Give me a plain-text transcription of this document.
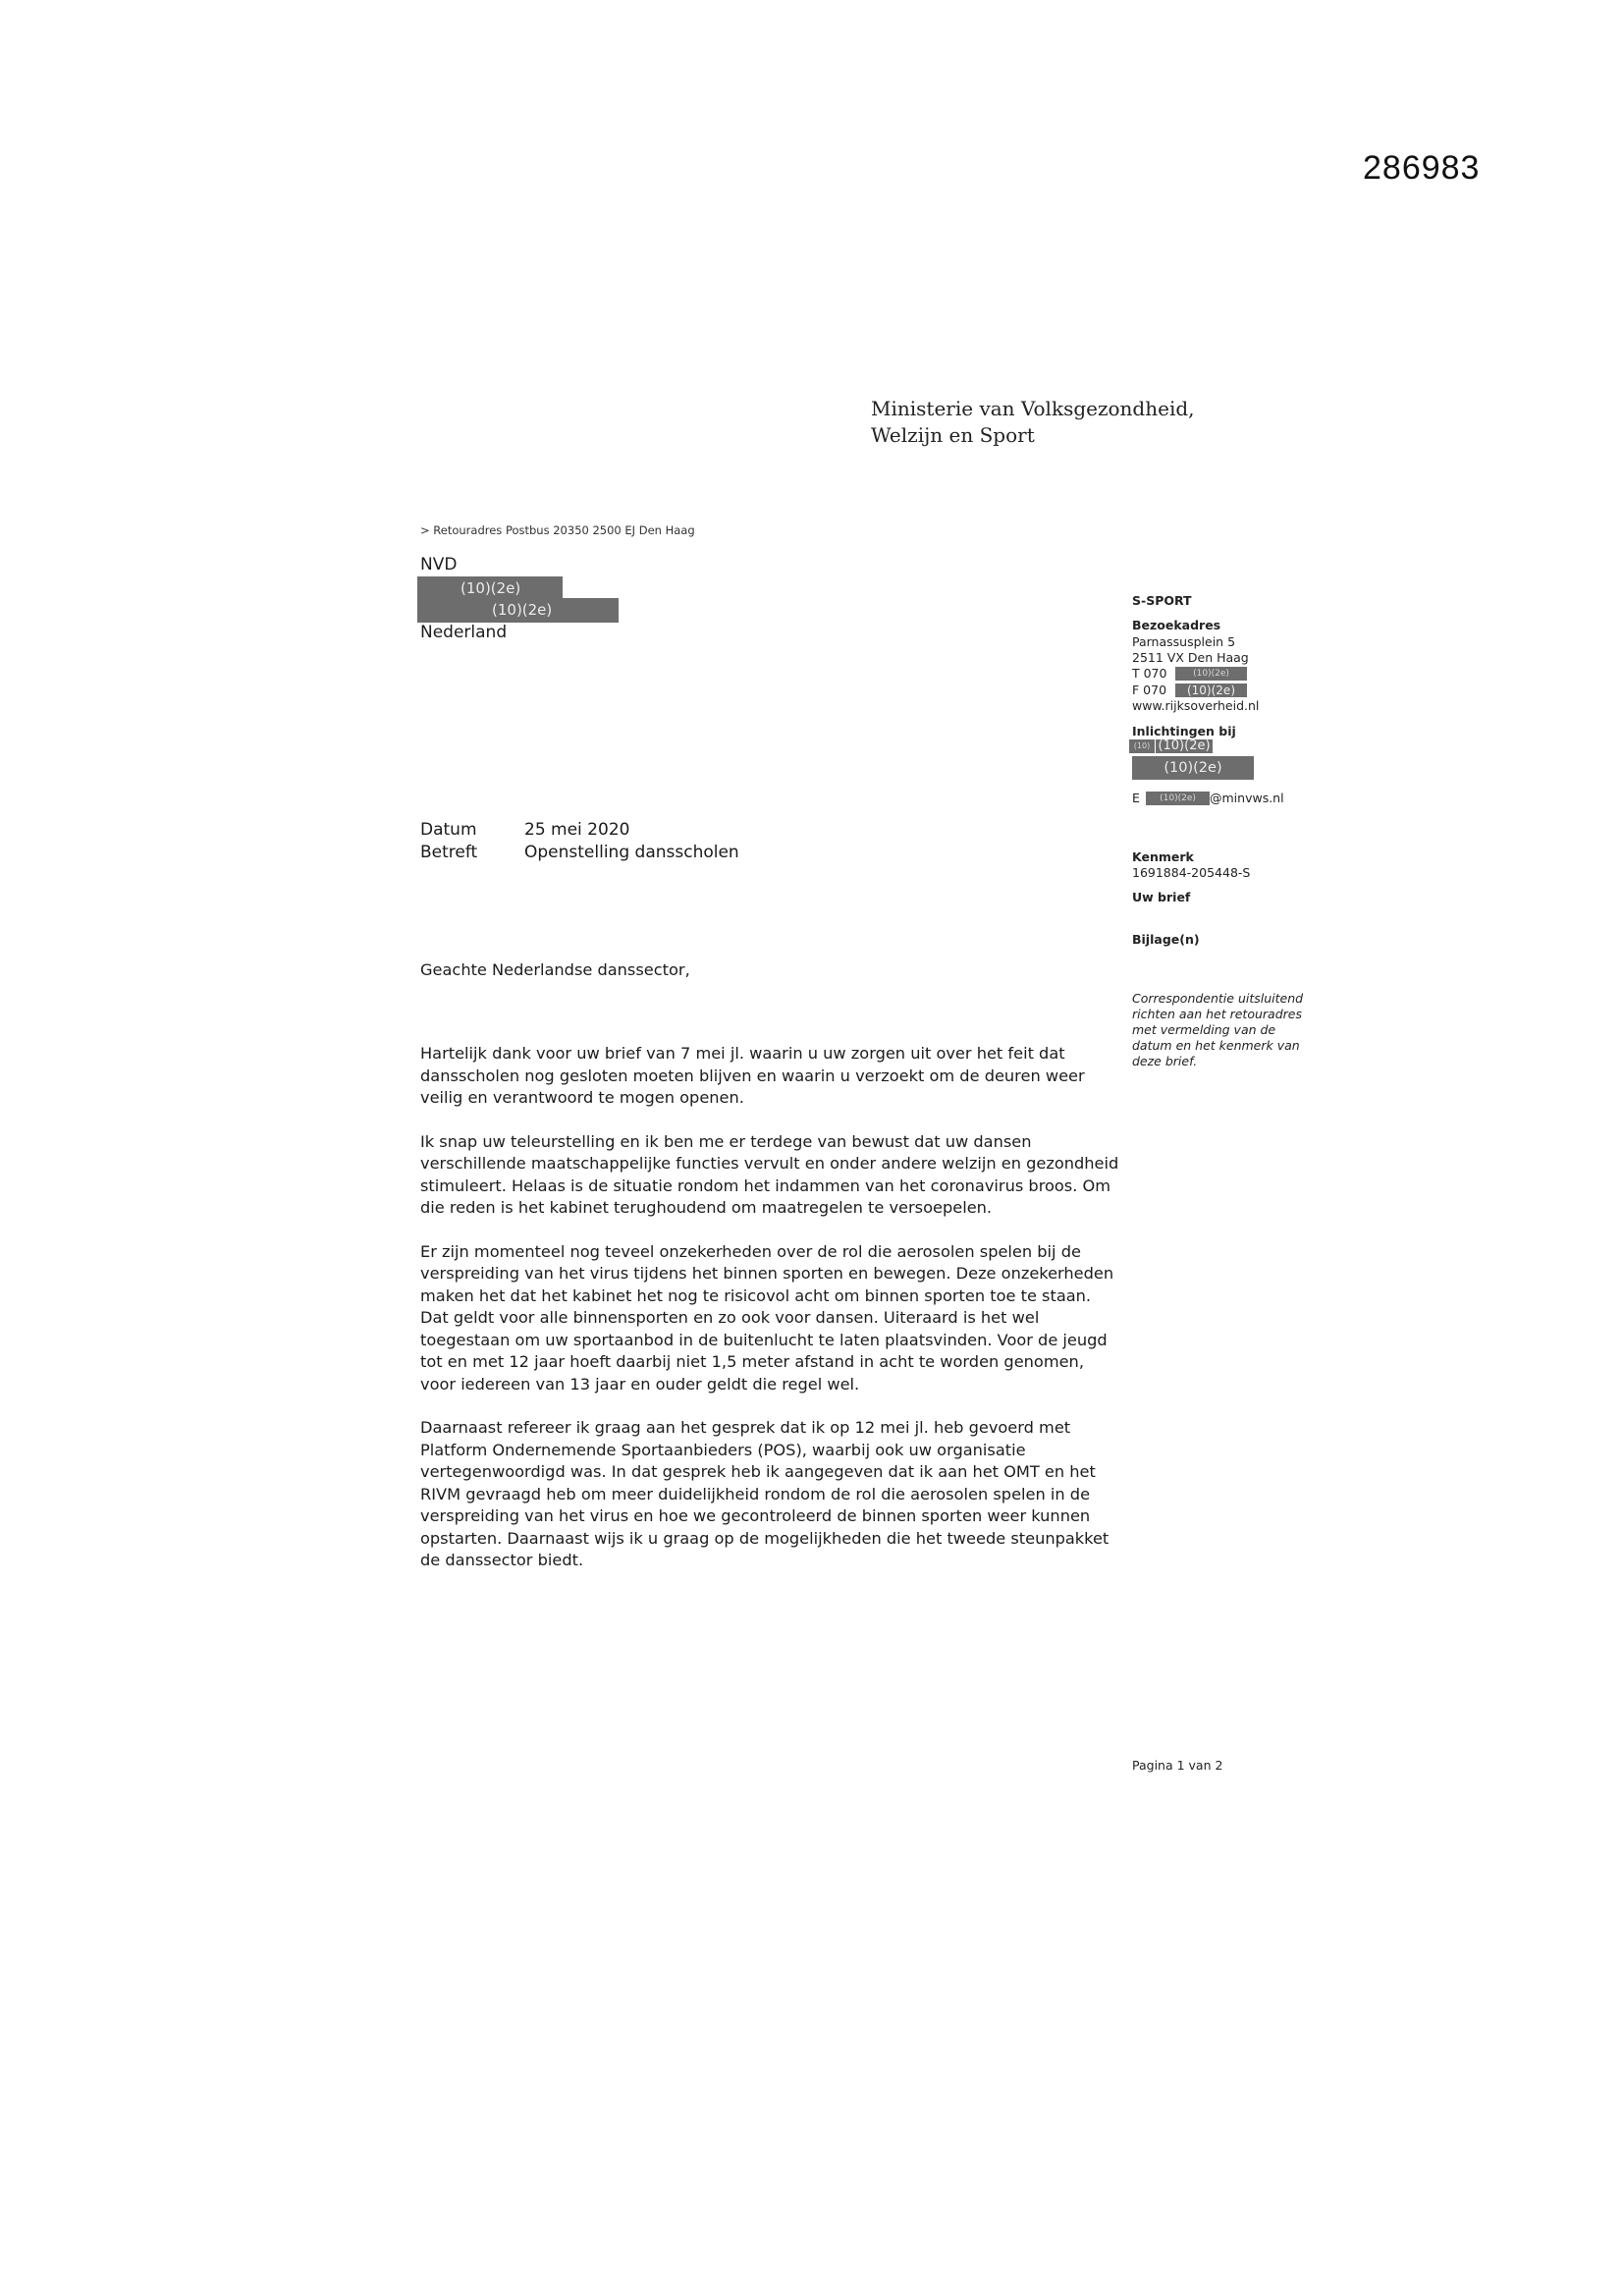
286983
Ministerie van Volksgezondheid,
Welzijn en Sport
> Retouradres Postbus 20350 2500 EJ Den Haag
NVD
(10)(2e)
(10)(2e)
Nederland
S-SPORT
Bezoekadres
Parnassusplein 5
2511 VX Den Haag
T 070	(10)(2e)
F 070	(10)(2e)
www.rijksoverheid.nl
Inlichtingen bij
(10) (10)(2e)
(10)(2e)
E	(10)(2e)	@minvws.nl
Kenmerk
1691884-205448-S
Uw brief
Bijlage(n)
Correspondentie uitsluitend richten aan het retouradres met vermelding van de datum en het kenmerk van deze brief.
Datum	25 mei 2020
Betreft	Openstelling dansscholen
Geachte Nederlandse danssector,

Hartelijk dank voor uw brief van 7 mei jl. waarin u uw zorgen uit over het feit dat dansscholen nog gesloten moeten blijven en waarin u verzoekt om de deuren weer veilig en verantwoord te mogen openen.

Ik snap uw teleurstelling en ik ben me er terdege van bewust dat uw dansen verschillende maatschappelijke functies vervult en onder andere welzijn en gezondheid stimuleert. Helaas is de situatie rondom het indammen van het coronavirus broos. Om die reden is het kabinet terughoudend om maatregelen te versoepelen.

Er zijn momenteel nog teveel onzekerheden over de rol die aerosolen spelen bij de verspreiding van het virus tijdens het binnen sporten en bewegen. Deze onzekerheden maken het dat het kabinet het nog te risicovol acht om binnen sporten toe te staan. Dat geldt voor alle binnensporten en zo ook voor dansen. Uiteraard is het wel toegestaan om uw sportaanbod in de buitenlucht te laten plaatsvinden. Voor de jeugd tot en met 12 jaar hoeft daarbij niet 1,5 meter afstand in acht te worden genomen, voor iedereen van 13 jaar en ouder geldt die regel wel.

Daarnaast refereer ik graag aan het gesprek dat ik op 12 mei jl. heb gevoerd met Platform Ondernemende Sportaanbieders (POS), waarbij ook uw organisatie vertegenwoordigd was. In dat gesprek heb ik aangegeven dat ik aan het OMT en het RIVM gevraagd heb om meer duidelijkheid rondom de rol die aerosolen spelen in de verspreiding van het virus en hoe we gecontroleerd de binnen sporten weer kunnen opstarten. Daarnaast wijs ik u graag op de mogelijkheden die het tweede steunpakket de danssector biedt.

Pagina 1 van 2
